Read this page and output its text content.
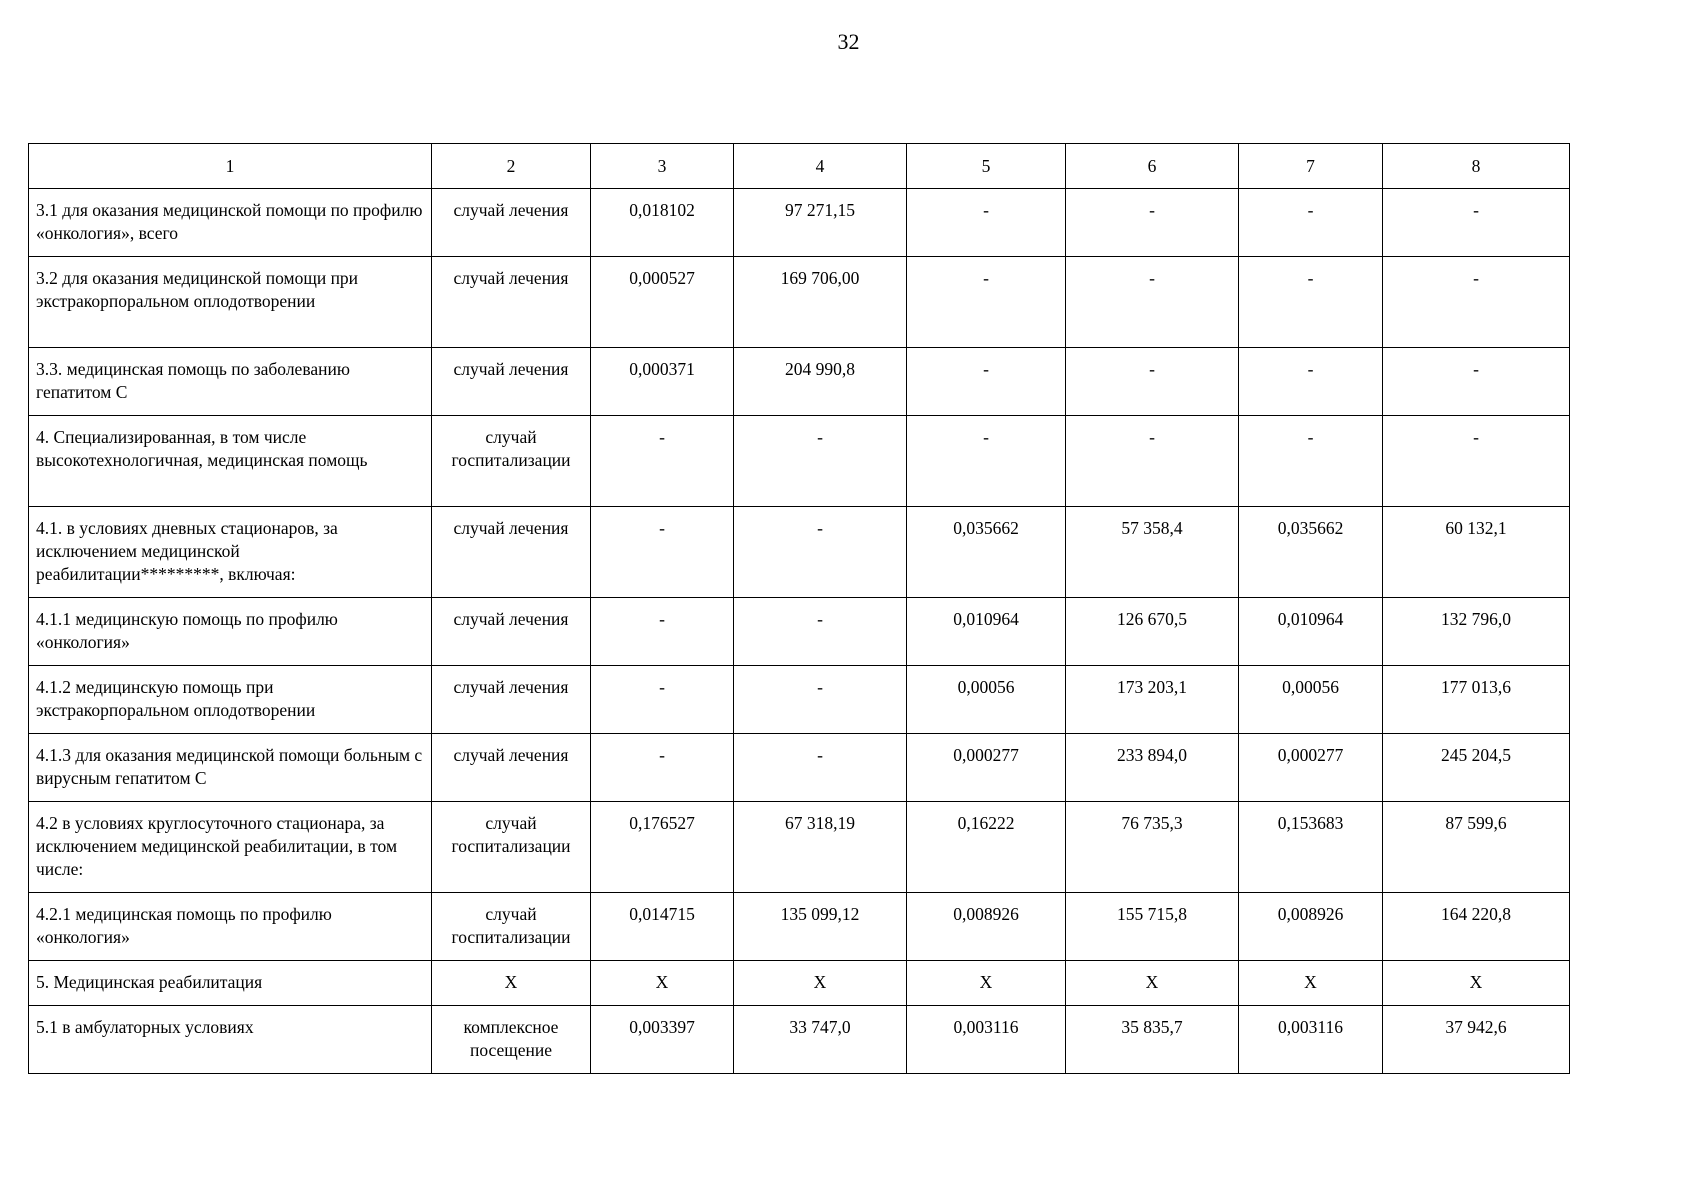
32
1	2	3	4	5	6	7	8
3.1 для оказания медицинской помощи по профилю «онкология», всего	случай лечения	0,018102	97 271,15	-	-	-	-
3.2 для оказания медицинской помощи при экстракорпоральном оплодотворении	случай лечения	0,000527	169 706,00	-	-	-	-
3.3. медицинская помощь по заболеванию гепатитом С	случай лечения	0,000371	204 990,8	-	-	-	-
4. Специализированная, в том числе высокотехнологичная, медицинская помощь	случай госпитализации	-	-	-	-	-	-
4.1. в условиях дневных стационаров, за исключением медицинской реабилитации*********, включая:	случай лечения	-	-	0,035662	57 358,4	0,035662	60 132,1
4.1.1 медицинскую помощь по профилю «онкология»	случай лечения	-	-	0,010964	126 670,5	0,010964	132 796,0
4.1.2 медицинскую помощь при экстракорпоральном оплодотворении	случай лечения	-	-	0,00056	173 203,1	0,00056	177 013,6
4.1.3 для оказания медицинской помощи больным с вирусным гепатитом С	случай лечения	-	-	0,000277	233 894,0	0,000277	245 204,5
4.2 в условиях круглосуточного стационара, за исключением медицинской реабилитации, в том числе:	случай госпитализации	0,176527	67 318,19	0,16222	76 735,3	0,153683	87 599,6
4.2.1 медицинская помощь по профилю «онкология»	случай госпитализации	0,014715	135 099,12	0,008926	155 715,8	0,008926	164 220,8
5. Медицинская реабилитация	Х	Х	Х	Х	Х	Х	Х
5.1 в амбулаторных условиях	комплексное посещение	0,003397	33 747,0	0,003116	35 835,7	0,003116	37 942,6
